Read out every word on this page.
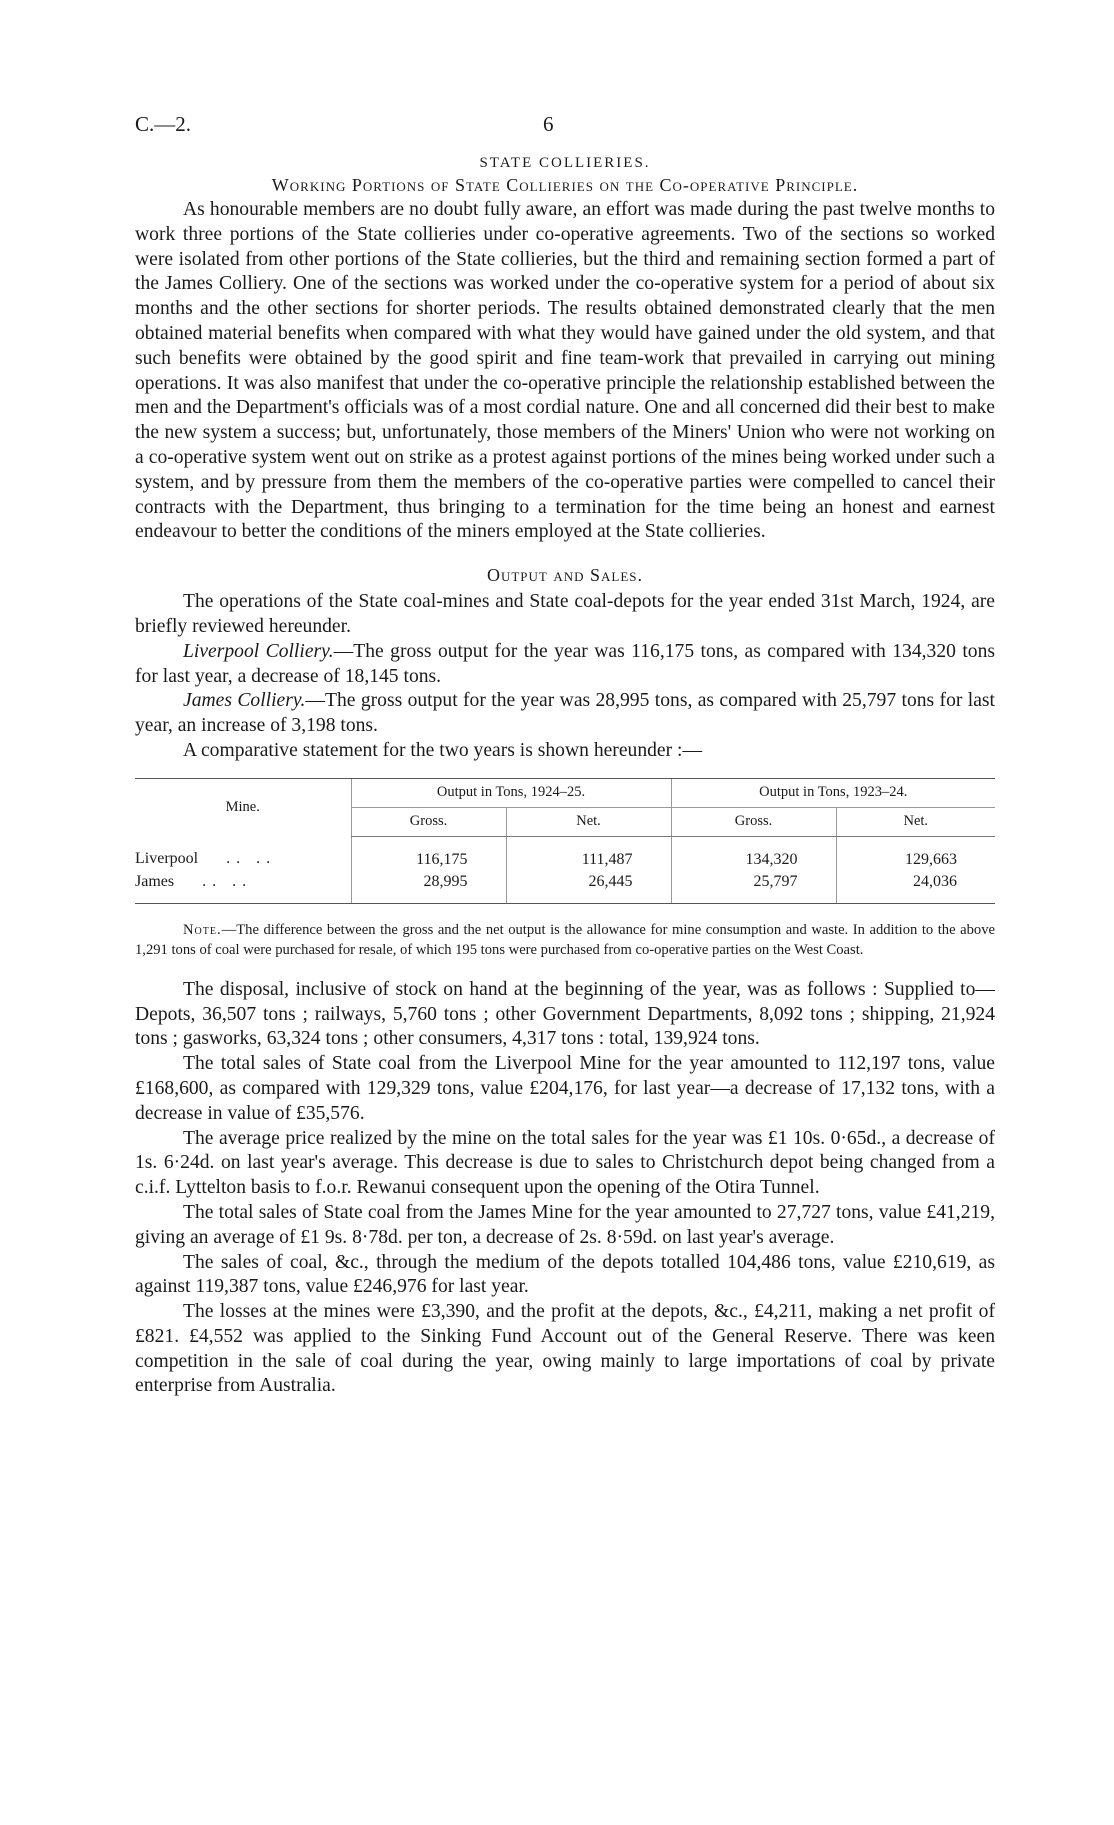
C.—2.	6
STATE COLLIERIES.
Working Portions of State Collieries on the Co-operative Principle.

As honourable members are no doubt fully aware, an effort was made during the past twelve months to work three portions of the State collieries under co-operative agreements. Two of the sections so worked were isolated from other portions of the State collieries, but the third and remaining section formed a part of the James Colliery. One of the sections was worked under the co-operative system for a period of about six months and the other sections for shorter periods. The results obtained demonstrated clearly that the men obtained material benefits when compared with what they would have gained under the old system, and that such benefits were obtained by the good spirit and fine team-work that prevailed in carrying out mining operations. It was also manifest that under the co-operative principle the relationship established between the men and the Department's officials was of a most cordial nature. One and all concerned did their best to make the new system a success; but, unfortunately, those members of the Miners' Union who were not working on a co-operative system went out on strike as a protest against portions of the mines being worked under such a system, and by pressure from them the members of the co-operative parties were compelled to cancel their contracts with the Department, thus bringing to a termination for the time being an honest and earnest endeavour to better the conditions of the miners employed at the State collieries.

Output and Sales.

The operations of the State coal-mines and State coal-depots for the year ended 31st March, 1924, are briefly reviewed hereunder.

Liverpool Colliery.—The gross output for the year was 116,175 tons, as compared with 134,320 tons for last year, a decrease of 18,145 tons.

James Colliery.—The gross output for the year was 28,995 tons, as compared with 25,797 tons for last year, an increase of 3,198 tons.

A comparative statement for the two years is shown hereunder :—

Mine.	Output in Tons, 1924–25.		Output in Tons, 1923–24.	
	Gross.	Net.	Gross.	Net.
Liverpool .. ..	116,175	111,487	134,320	129,663
James .. ..	28,995	26,445	25,797	24,036
Note.—The difference between the gross and the net output is the allowance for mine consumption and waste. In addition to the above 1,291 tons of coal were purchased for resale, of which 195 tons were purchased from co-operative parties on the West Coast.

The disposal, inclusive of stock on hand at the beginning of the year, was as follows : Supplied to—Depots, 36,507 tons ; railways, 5,760 tons ; other Government Departments, 8,092 tons ; shipping, 21,924 tons ; gasworks, 63,324 tons ; other consumers, 4,317 tons : total, 139,924 tons.

The total sales of State coal from the Liverpool Mine for the year amounted to 112,197 tons, value £168,600, as compared with 129,329 tons, value £204,176, for last year—a decrease of 17,132 tons, with a decrease in value of £35,576.

The average price realized by the mine on the total sales for the year was £1 10s. 0·65d., a decrease of 1s. 6·24d. on last year's average. This decrease is due to sales to Christchurch depot being changed from a c.i.f. Lyttelton basis to f.o.r. Rewanui consequent upon the opening of the Otira Tunnel.

The total sales of State coal from the James Mine for the year amounted to 27,727 tons, value £41,219, giving an average of £1 9s. 8·78d. per ton, a decrease of 2s. 8·59d. on last year's average.

The sales of coal, &c., through the medium of the depots totalled 104,486 tons, value £210,619, as against 119,387 tons, value £246,976 for last year.

The losses at the mines were £3,390, and the profit at the depots, &c., £4,211, making a net profit of £821. £4,552 was applied to the Sinking Fund Account out of the General Reserve. There was keen competition in the sale of coal during the year, owing mainly to large importations of coal by private enterprise from Australia.
